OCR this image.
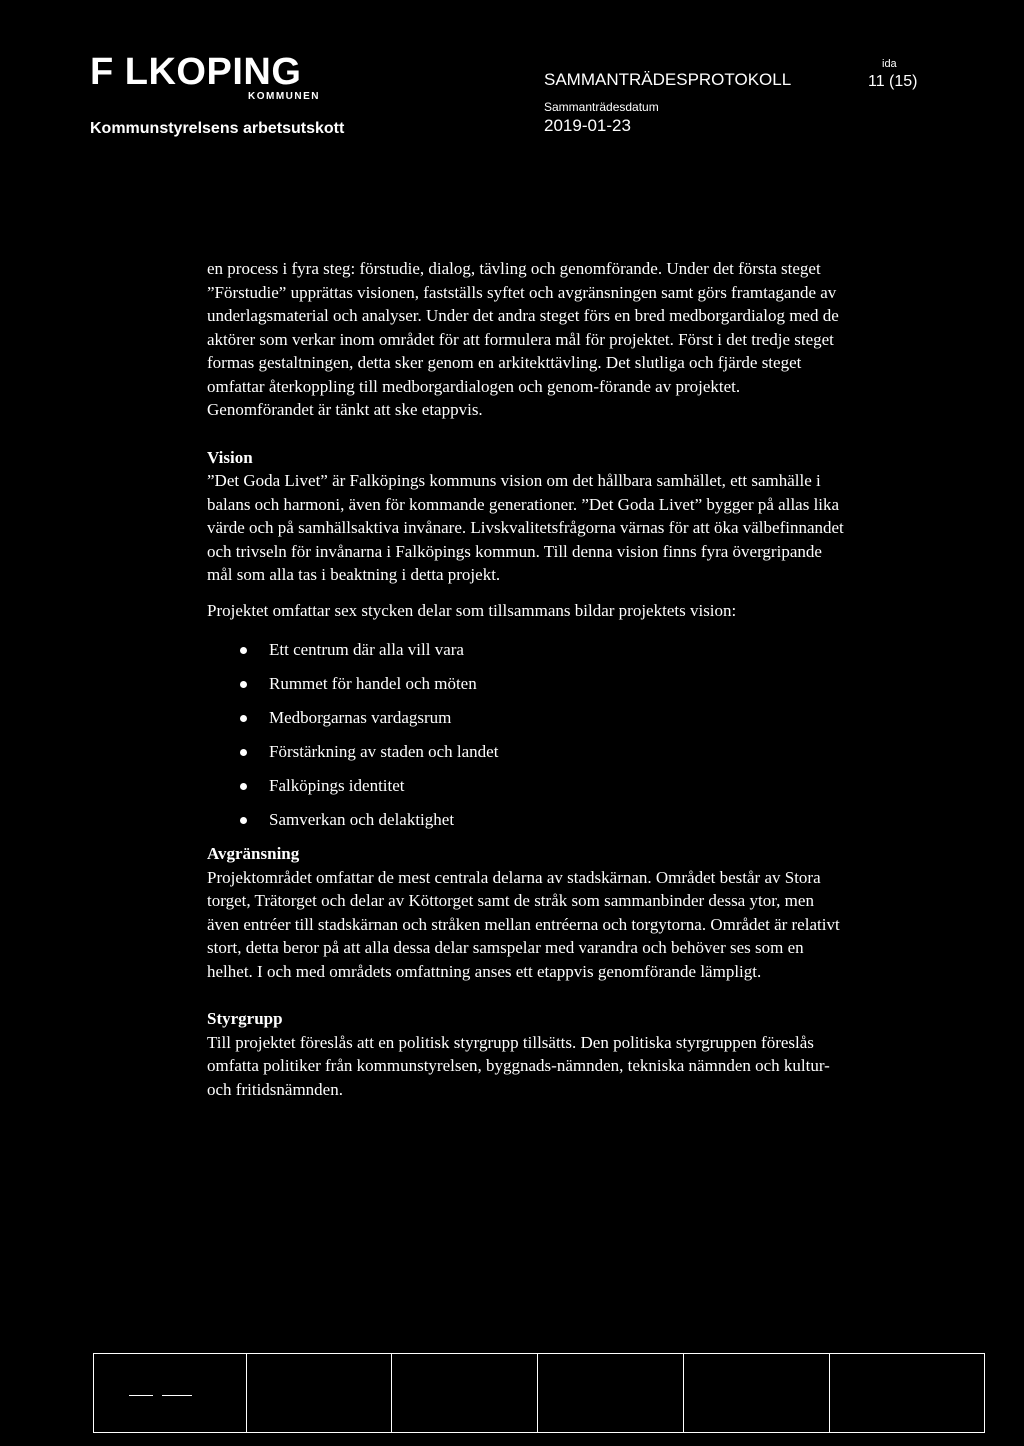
F LKOPING
KOMMUNEN
Kommunstyrelsens arbetsutskott
SAMMANTRÄDESPROTOKOLL
Sammanträdesdatum
2019-01-23
ida
11 (15)

en process i fyra steg: förstudie, dialog, tävling och genomförande. Under det första steget ”Förstudie” upprättas visionen, fastställs syftet och avgränsningen samt görs framtagande av underlagsmaterial och analyser. Under det andra steget förs en bred medborgardialog med de aktörer som verkar inom området för att formulera mål för projektet. Först i det tredje steget formas gestaltningen, detta sker genom en arkitekttävling. Det slutliga och fjärde steget omfattar återkoppling till medborgardialogen och genom-förande av projektet. Genomförandet är tänkt att ske etappvis.

Vision

”Det Goda Livet” är Falköpings kommuns vision om det hållbara samhället, ett samhälle i balans och harmoni, även för kommande generationer. ”Det Goda Livet” bygger på allas lika värde och på samhällsaktiva invånare. Livskvalitetsfrågorna värnas för att öka välbefinnandet och trivseln för invånarna i Falköpings kommun. Till denna vision finns fyra övergripande mål som alla tas i beaktning i detta projekt.

Projektet omfattar sex stycken delar som tillsammans bildar projektets vision:

Ett centrum där alla vill vara
Rummet för handel och möten
Medborgarnas vardagsrum
Förstärkning av staden och landet
Falköpings identitet
Samverkan och delaktighet
Avgränsning

Projektområdet omfattar de mest centrala delarna av stadskärnan. Området består av Stora torget, Trätorget och delar av Köttorget samt de stråk som sammanbinder dessa ytor, men även entréer till stadskärnan och stråken mellan entréerna och torgytorna. Området är relativt stort, detta beror på att alla dessa delar samspelar med varandra och behöver ses som en helhet. I och med områdets omfattning anses ett etappvis genomförande lämpligt.

Styrgrupp

Till projektet föreslås att en politisk styrgrupp tillsätts. Den politiska styrgruppen föreslås omfatta politiker från kommunstyrelsen, byggnads-nämnden, tekniska nämnden och kultur- och fritidsnämnden.
